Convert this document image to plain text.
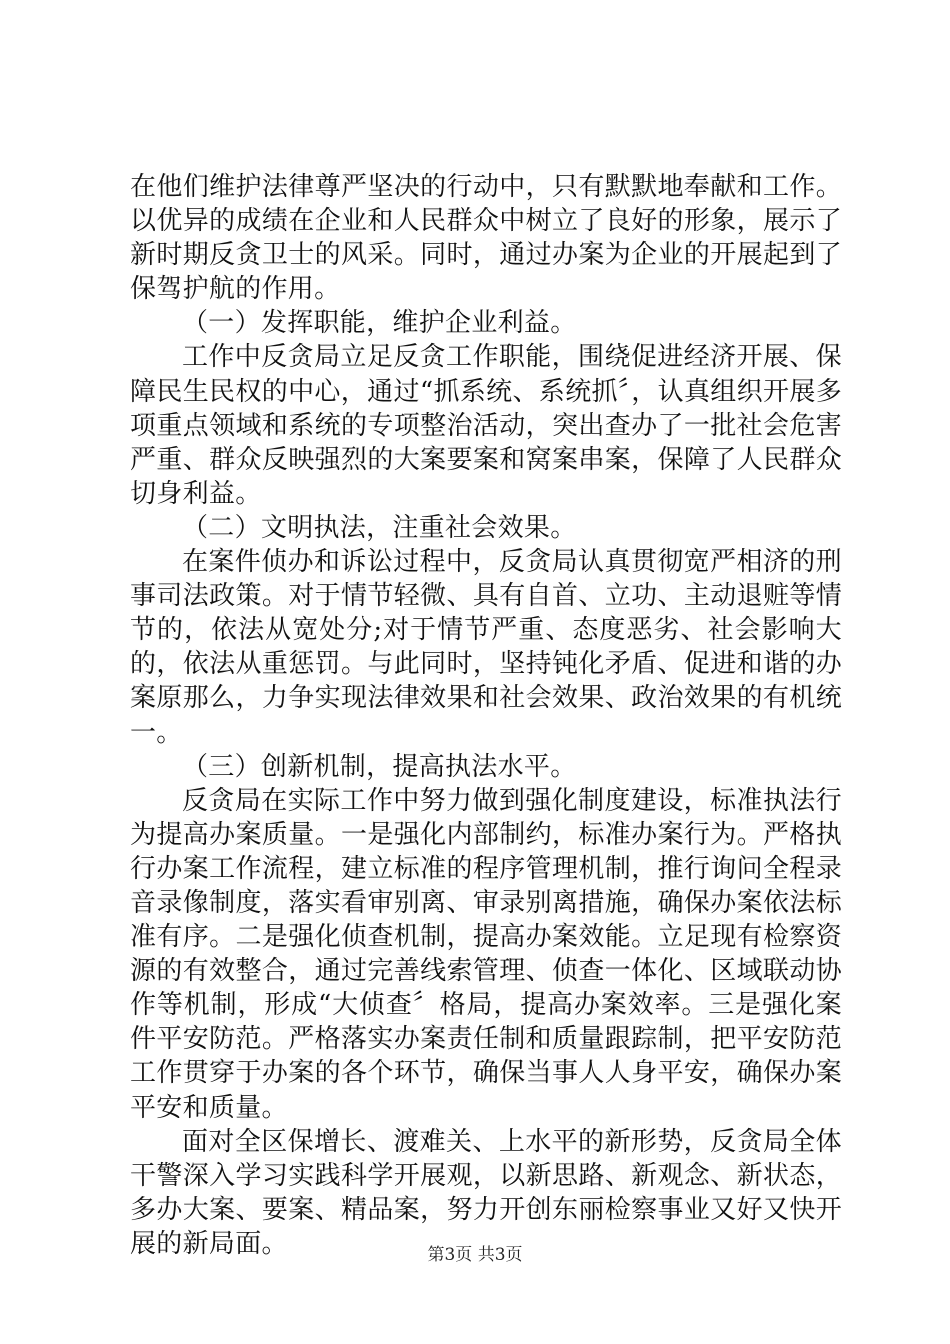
在他们维护法律尊严坚决的行动中，只有默默地奉献和工作。以优异的成绩在企业和人民群众中树立了良好的形象，展示了新时期反贪卫士的风采。同时，通过办案为企业的开展起到了保驾护航的作用。

（一）发挥职能，维护企业利益。

工作中反贪局立足反贪工作职能，围绕促进经济开展、保障民生民权的中心，通过“抓系统、系统抓〞，认真组织开展多项重点领域和系统的专项整治活动，突出查办了一批社会危害严重、群众反映强烈的大案要案和窝案串案，保障了人民群众切身利益。

（二）文明执法，注重社会效果。

在案件侦办和诉讼过程中，反贪局认真贯彻宽严相济的刑事司法政策。对于情节轻微、具有自首、立功、主动退赃等情节的，依法从宽处分;对于情节严重、态度恶劣、社会影响大的，依法从重惩罚。与此同时，坚持钝化矛盾、促进和谐的办案原那么，力争实现法律效果和社会效果、政治效果的有机统一。

（三）创新机制，提高执法水平。

反贪局在实际工作中努力做到强化制度建设，标准执法行为提高办案质量。一是强化内部制约，标准办案行为。严格执行办案工作流程，建立标准的程序管理机制，推行询问全程录音录像制度，落实看审别离、审录别离措施，确保办案依法标准有序。二是强化侦查机制，提高办案效能。立足现有检察资源的有效整合，通过完善线索管理、侦查一体化、区域联动协作等机制，形成“大侦查〞格局，提高办案效率。三是强化案件平安防范。严格落实办案责任制和质量跟踪制，把平安防范工作贯穿于办案的各个环节，确保当事人人身平安，确保办案平安和质量。

面对全区保增长、渡难关、上水平的新形势，反贪局全体干警深入学习实践科学开展观，以新思路、新观念、新状态，多办大案、要案、精品案，努力开创东丽检察事业又好又快开展的新局面。	第3页 共3页
